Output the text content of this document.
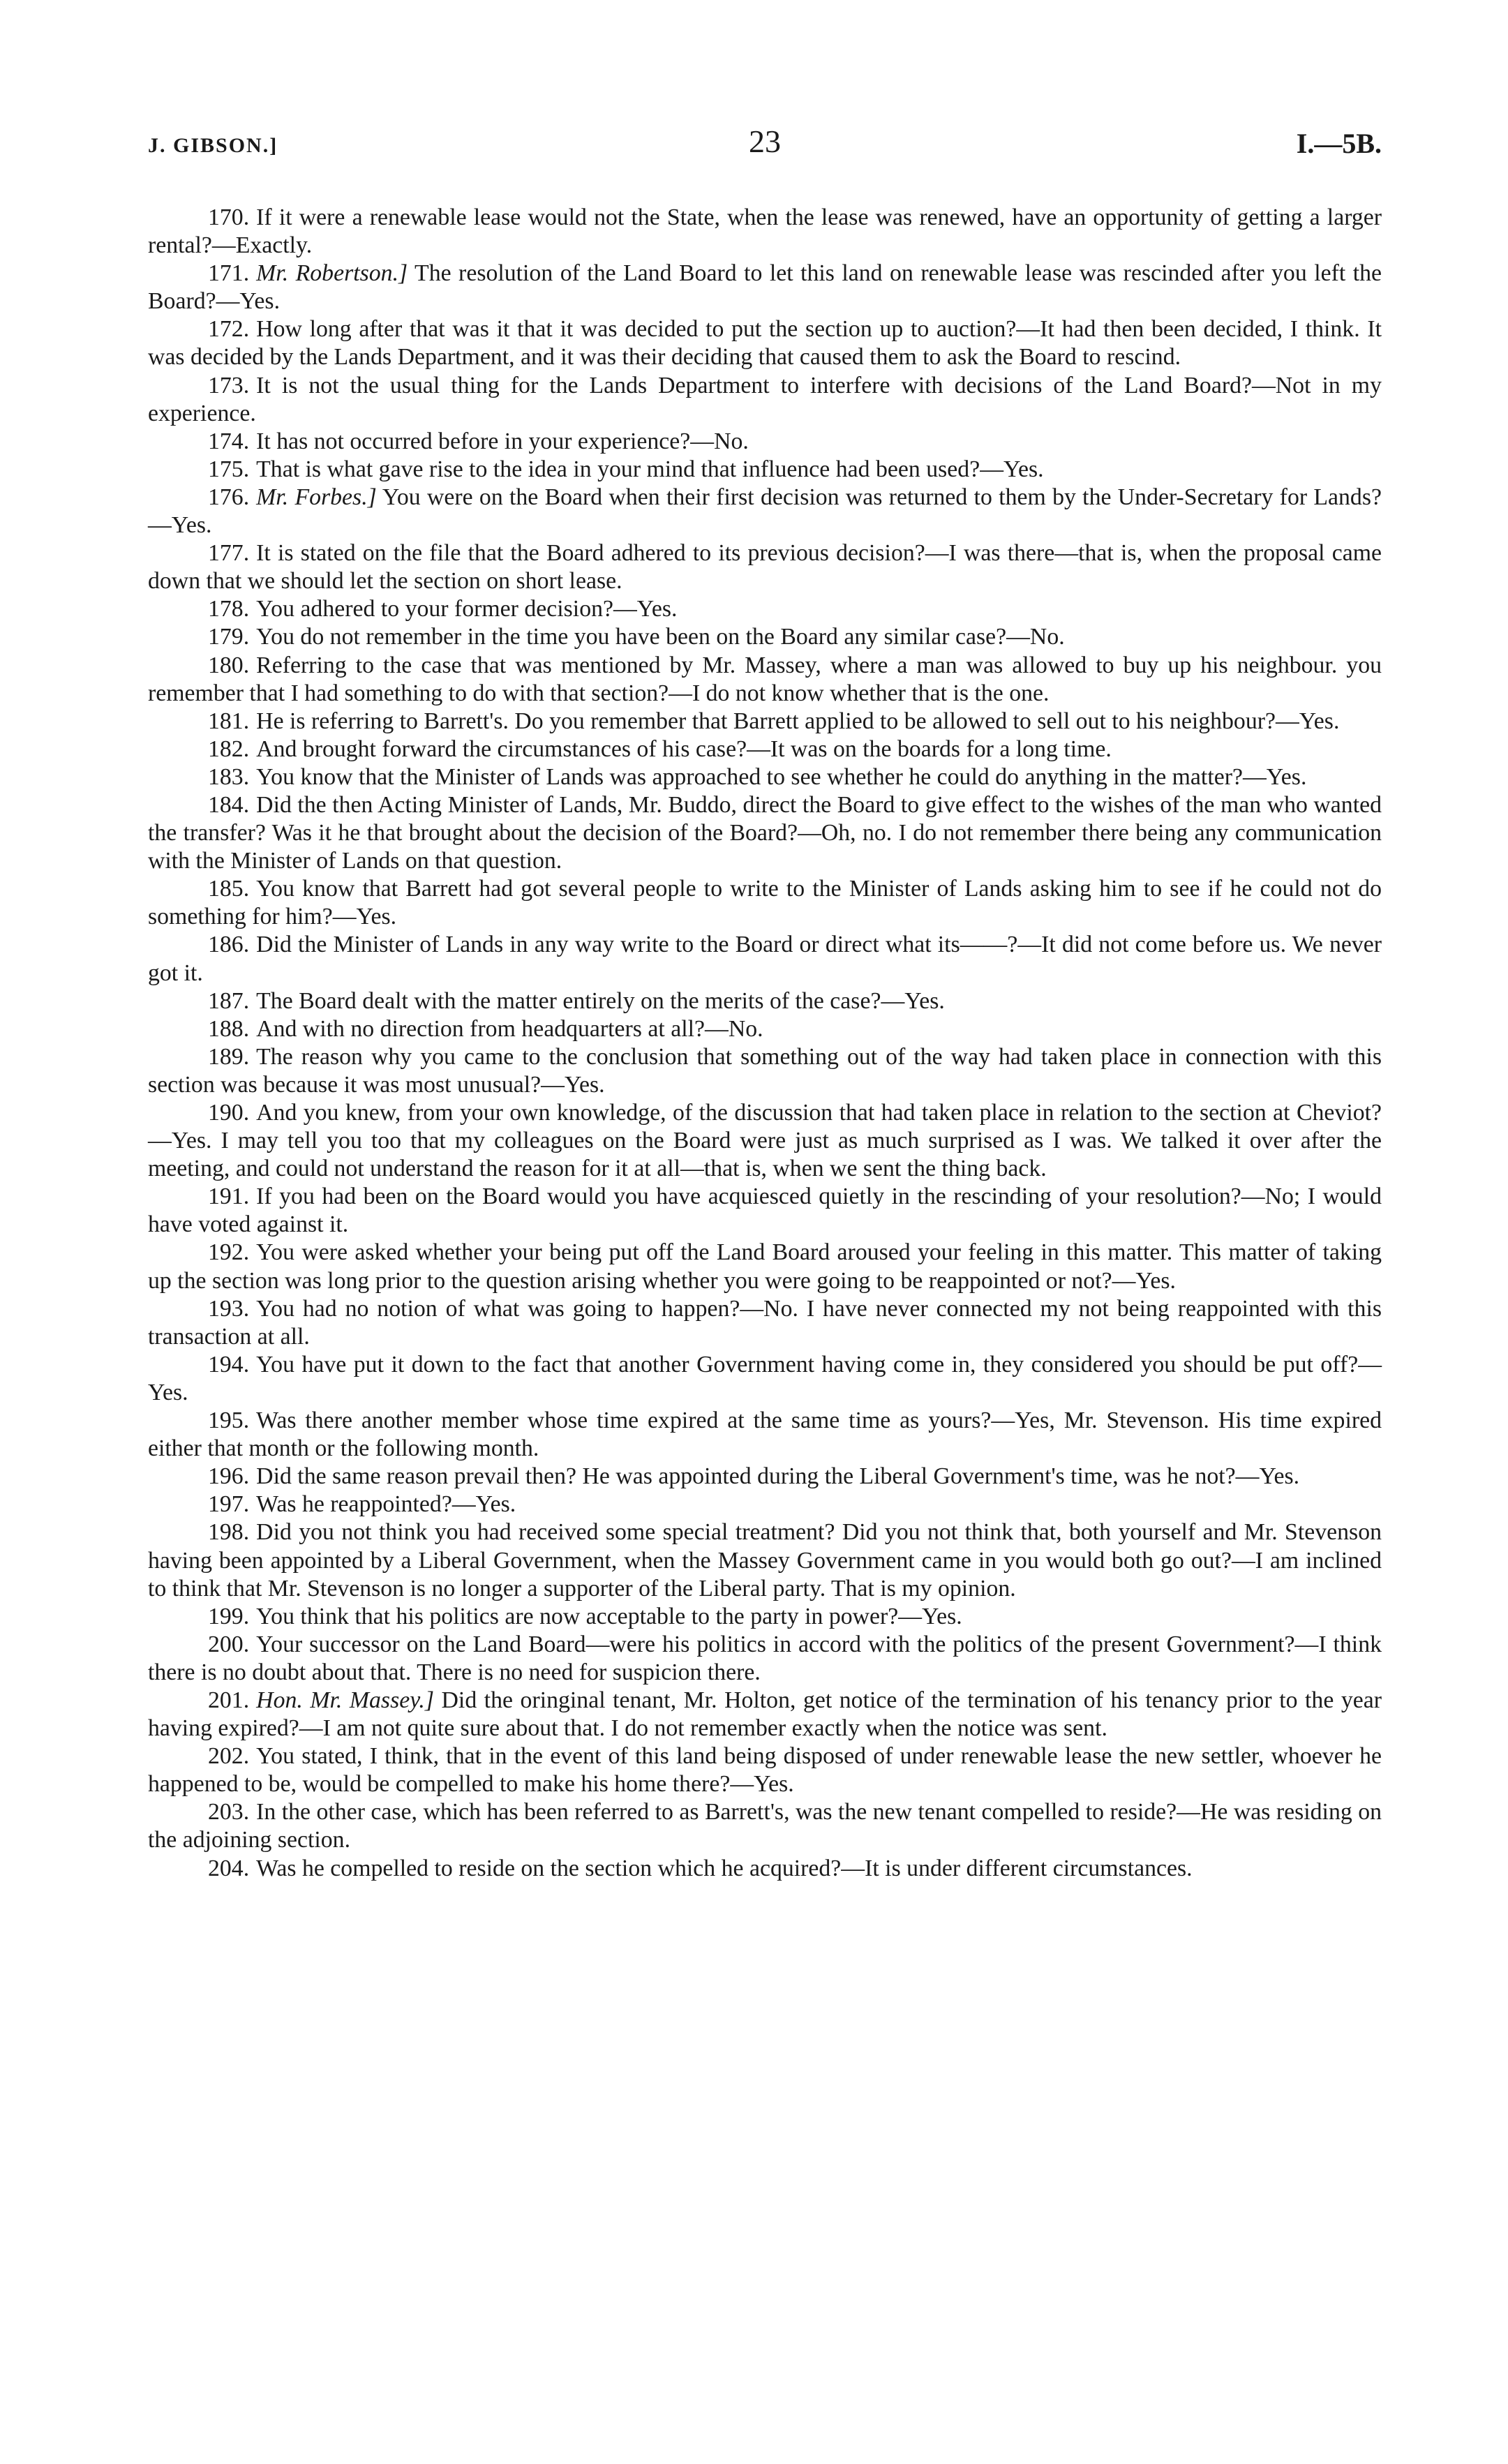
J. GIBSON.]	23	I.—5B.

170. If it were a renewable lease would not the State, when the lease was renewed, have an opportunity of getting a larger rental?—Exactly.

171. Mr. Robertson.] The resolution of the Land Board to let this land on renewable lease was rescinded after you left the Board?—Yes.

172. How long after that was it that it was decided to put the section up to auction?—It had then been decided, I think. It was decided by the Lands Department, and it was their deciding that caused them to ask the Board to rescind.

173. It is not the usual thing for the Lands Department to interfere with decisions of the Land Board?—Not in my experience.

174. It has not occurred before in your experience?—No.

175. That is what gave rise to the idea in your mind that influence had been used?—Yes.

176. Mr. Forbes.] You were on the Board when their first decision was returned to them by the Under-Secretary for Lands?—Yes.

177. It is stated on the file that the Board adhered to its previous decision?—I was there—that is, when the proposal came down that we should let the section on short lease.

178. You adhered to your former decision?—Yes.

179. You do not remember in the time you have been on the Board any similar case?—No.

180. Referring to the case that was mentioned by Mr. Massey, where a man was allowed to buy up his neighbour. you remember that I had something to do with that section?—I do not know whether that is the one.

181. He is referring to Barrett's. Do you remember that Barrett applied to be allowed to sell out to his neighbour?—Yes.

182. And brought forward the circumstances of his case?—It was on the boards for a long time.

183. You know that the Minister of Lands was approached to see whether he could do anything in the matter?—Yes.

184. Did the then Acting Minister of Lands, Mr. Buddo, direct the Board to give effect to the wishes of the man who wanted the transfer? Was it he that brought about the decision of the Board?—Oh, no. I do not remember there being any communication with the Minister of Lands on that question.

185. You know that Barrett had got several people to write to the Minister of Lands asking him to see if he could not do something for him?—Yes.

186. Did the Minister of Lands in any way write to the Board or direct what its——?—It did not come before us. We never got it.

187. The Board dealt with the matter entirely on the merits of the case?—Yes.

188. And with no direction from headquarters at all?—No.

189. The reason why you came to the conclusion that something out of the way had taken place in connection with this section was because it was most unusual?—Yes.

190. And you knew, from your own knowledge, of the discussion that had taken place in relation to the section at Cheviot?—Yes. I may tell you too that my colleagues on the Board were just as much surprised as I was. We talked it over after the meeting, and could not understand the reason for it at all—that is, when we sent the thing back.

191. If you had been on the Board would you have acquiesced quietly in the rescinding of your resolution?—No; I would have voted against it.

192. You were asked whether your being put off the Land Board aroused your feeling in this matter. This matter of taking up the section was long prior to the question arising whether you were going to be reappointed or not?—Yes.

193. You had no notion of what was going to happen?—No. I have never connected my not being reappointed with this transaction at all.

194. You have put it down to the fact that another Government having come in, they considered you should be put off?—Yes.

195. Was there another member whose time expired at the same time as yours?—Yes, Mr. Stevenson. His time expired either that month or the following month.

196. Did the same reason prevail then? He was appointed during the Liberal Government's time, was he not?—Yes.

197. Was he reappointed?—Yes.

198. Did you not think you had received some special treatment? Did you not think that, both yourself and Mr. Stevenson having been appointed by a Liberal Government, when the Massey Government came in you would both go out?—I am inclined to think that Mr. Stevenson is no longer a supporter of the Liberal party. That is my opinion.

199. You think that his politics are now acceptable to the party in power?—Yes.

200. Your successor on the Land Board—were his politics in accord with the politics of the present Government?—I think there is no doubt about that. There is no need for suspicion there.

201. Hon. Mr. Massey.] Did the oringinal tenant, Mr. Holton, get notice of the termination of his tenancy prior to the year having expired?—I am not quite sure about that. I do not remember exactly when the notice was sent.

202. You stated, I think, that in the event of this land being disposed of under renewable lease the new settler, whoever he happened to be, would be compelled to make his home there?—Yes.

203. In the other case, which has been referred to as Barrett's, was the new tenant compelled to reside?—He was residing on the adjoining section.

204. Was he compelled to reside on the section which he acquired?—It is under different circumstances.
